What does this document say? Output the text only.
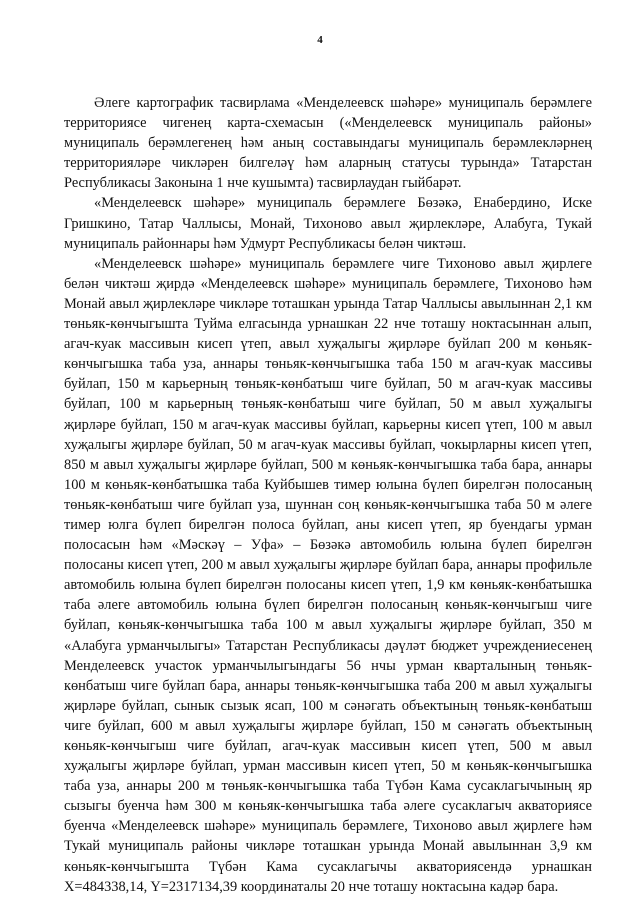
4

Әлеге картографик тасвирлама «Менделеевск шәһәре» муниципаль берәмлеге территориясе чигенең карта-схемасын («Менделеевск муниципаль районы» муниципаль берәмлегенең һәм аның составындагы муниципаль берәмлекләрнең территорияләре чикләрен билгеләү һәм аларның статусы турында» Татарстан Республикасы Законына 1 нче кушымта) тасвирлаудан гыйбарәт.

«Менделеевск шәһәре» муниципаль берәмлеге Бөзәкә, Енабердино, Иске Гришкино, Татар Чаллысы, Монай, Тихоново авыл җирлекләре, Алабуга, Тукай муниципаль районнары һәм Удмурт Республикасы белән чиктәш.

«Менделеевск шәһәре» муниципаль берәмлеге чиге Тихоново авыл җирлеге белән чиктәш җирдә «Менделеевск шәһәре» муниципаль берәмлеге, Тихоново һәм Монай авыл җирлекләре чикләре тоташкан урында Татар Чаллысы авылыннан 2,1 км төньяк-көнчыгышта Туйма елгасында урнашкан 22 нче тоташу ноктасыннан алып, агач-куак массивын кисеп үтеп, авыл хуҗалыгы җирләре буйлап 200 м көньяк-көнчыгышка таба уза, аннары төньяк-көнчыгышка таба 150 м агач-куак массивы буйлап, 150 м карьерның төньяк-көнбатыш чиге буйлап, 50 м агач-куак массивы буйлап, 100 м карьерның төньяк-көнбатыш чиге буйлап, 50 м авыл хуҗалыгы җирләре буйлап, 150 м агач-куак массивы буйлап, карьерны кисеп үтеп, 100 м авыл хуҗалыгы җирләре буйлап, 50 м агач-куак массивы буйлап, чокырларны кисеп үтеп, 850 м авыл хуҗалыгы җирләре буйлап, 500 м көньяк-көнчыгышка таба бара, аннары 100 м көньяк-көнбатышка таба Куйбышев тимер юлына бүлеп бирелгән полосаның төньяк-көнбатыш чиге буйлап уза, шуннан соң көньяк-көнчыгышка таба 50 м әлеге тимер юлга бүлеп бирелгән полоса буйлап, аны кисеп үтеп, яр буендагы урман полосасын һәм «Мәскәү – Уфа» – Бөзәкә автомобиль юлына бүлеп бирелгән полосаны кисеп үтеп, 200 м авыл хуҗалыгы җирләре буйлап бара, аннары профильле автомобиль юлына бүлеп бирелгән полосаны кисеп үтеп, 1,9 км көньяк-көнбатышка таба әлеге автомобиль юлына бүлеп бирелгән полосаның көньяк-көнчыгыш чиге буйлап, көньяк-көнчыгышка таба 100 м авыл хуҗалыгы җирләре буйлап, 350 м «Алабуга урманчылыгы» Татарстан Республикасы дәүләт бюджет учреждениесенең Менделеевск участок урманчылыгындагы 56 нчы урман кварталының төньяк-көнбатыш чиге буйлап бара, аннары төньяк-көнчыгышка таба 200 м авыл хуҗалыгы җирләре буйлап, сынык сызык ясап, 100 м сәнәгать объектының төньяк-көнбатыш чиге буйлап, 600 м авыл хуҗалыгы җирләре буйлап, 150 м сәнәгать объектының көньяк-көнчыгыш чиге буйлап, агач-куак массивын кисеп үтеп, 500 м авыл хуҗалыгы җирләре буйлап, урман массивын кисеп үтеп, 50 м көньяк-көнчыгышка таба уза, аннары 200 м төньяк-көнчыгышка таба Түбән Кама сусаклагычының яр сызыгы буенча һәм 300 м көньяк-көнчыгышка таба әлеге сусаклагыч акваториясе буенча «Менделеевск шәһәре» муниципаль берәмлеге, Тихоново авыл җирлеге һәм Тукай муниципаль районы чикләре тоташкан урында Монай авылыннан 3,9 км көньяк-көнчыгышта Түбән Кама сусаклагычы акваториясендә урнашкан X=484338,14, Y=2317134,39 координаталы 20 нче тоташу ноктасына кадәр бара.
